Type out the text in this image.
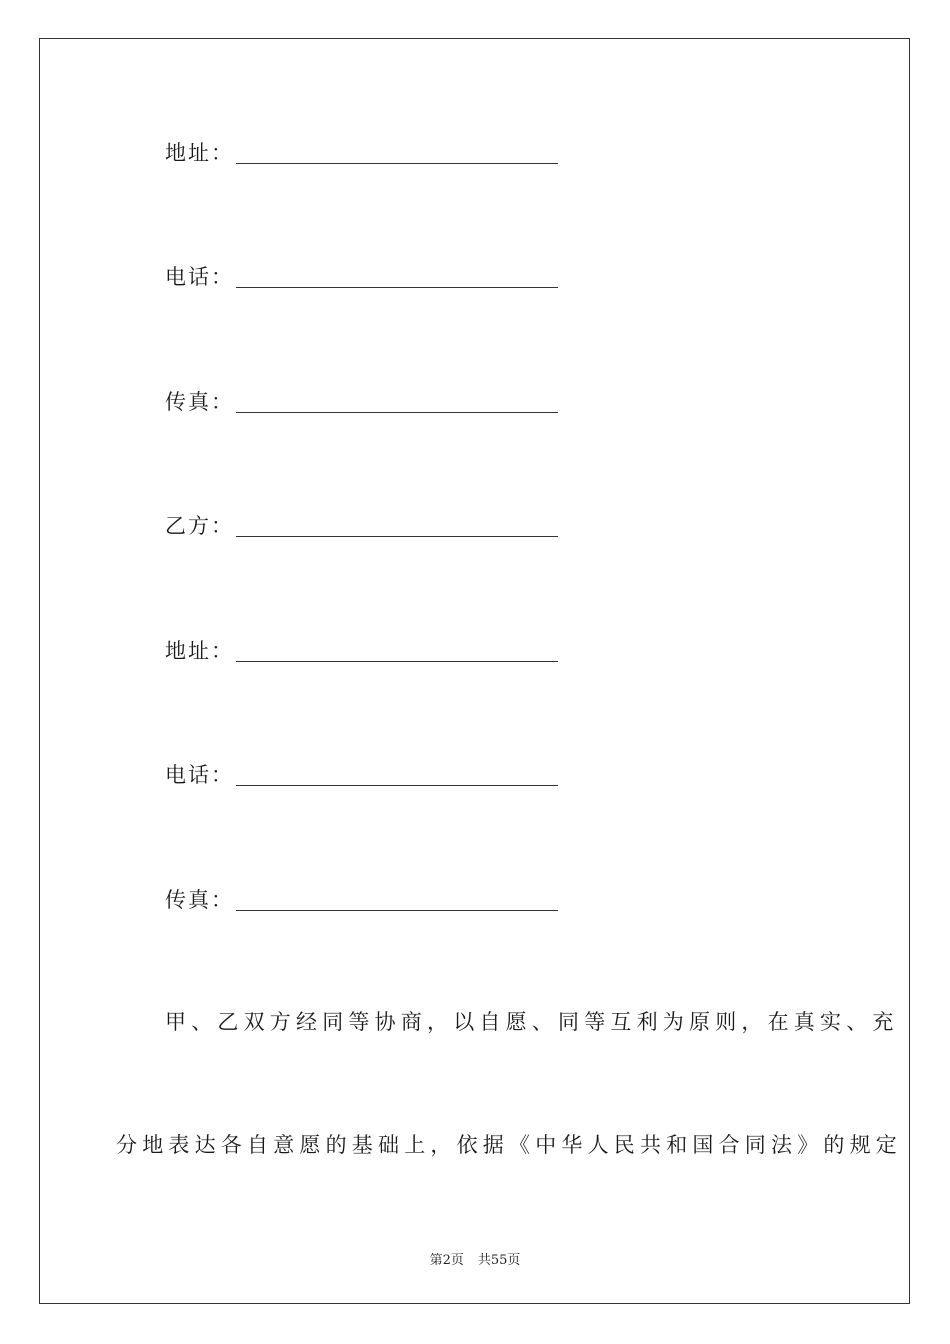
地址：
电话：
传真：
乙方：
地址：
电话：
传真：
甲、乙双方经同等协商，以自愿、同等互利为原则，在真实、充
分地表达各自意愿的基础上，依据《中华人民共和国合同法》的规定
第2页 共55页
